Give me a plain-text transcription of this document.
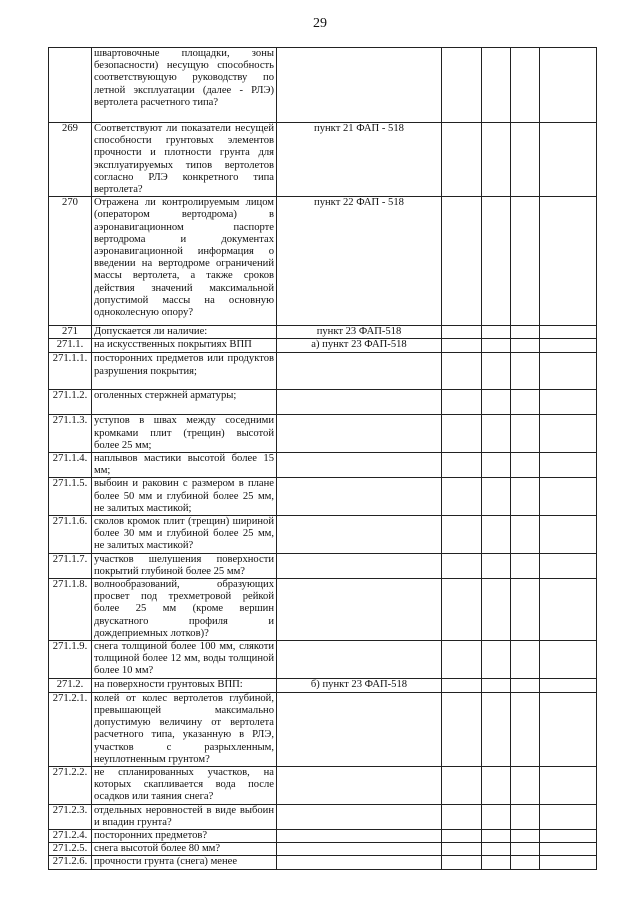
29
	швартовочные площадки, зоны безопасности) несущую способность соответствующую руководству по летной эксплуатации (далее - РЛЭ) вертолета расчетного типа?					
269	Соответствуют ли показатели несущей способности грунтовых элементов прочности и плотности грунта для эксплуатируемых типов вертолетов согласно РЛЭ конкретного типа вертолета?	пункт 21 ФАП - 518				
270	Отражена ли контролируемым лицом (оператором вертодрома) в аэронавигационном паспорте вертодрома и документах аэронавигационной информация о введении на вертодроме ограничений массы вертолета, а также сроков действия значений максимальной допустимой массы на основную одноколесную опору?	пункт 22 ФАП - 518				
271	Допускается ли наличие:	пункт 23 ФАП-518				
271.1.	на искусственных покрытиях ВПП	а) пункт 23 ФАП-518				
271.1.1.	посторонних предметов или продуктов разрушения покрытия;					
271.1.2.	оголенных стержней арматуры;					
271.1.3.	уступов в швах между соседними кромками плит (трещин) высотой более 25 мм;					
271.1.4.	наплывов мастики высотой более 15 мм;					
271.1.5.	выбоин и раковин с размером в плане более 50 мм и глубиной более 25 мм, не залитых мастикой;					
271.1.6.	сколов кромок плит (трещин) шириной более 30 мм и глубиной более 25 мм, не залитых мастикой?					
271.1.7.	участков шелушения поверхности покрытий глубиной более 25 мм?					
271.1.8.	волнообразований, образующих просвет под трехметровой рейкой более 25 мм (кроме вершин двускатного профиля и дождеприемных лотков)?					
271.1.9.	снега толщиной более 100 мм, слякоти толщиной более 12 мм, воды толщиной более 10 мм?					
271.2.	на поверхности грунтовых ВПП:	б) пункт 23 ФАП-518				
271.2.1.	колей от колес вертолетов глубиной, превышающей максимально допустимую величину от вертолета расчетного типа, указанную в РЛЭ, участков с разрыхленным, неуплотненным грунтом?					
271.2.2.	не спланированных участков, на которых скапливается вода после осадков или таяния снега?					
271.2.3.	отдельных неровностей в виде выбоин и впадин грунта?					
271.2.4.	посторонних предметов?					
271.2.5.	снега высотой более 80 мм?					
271.2.6.	прочности грунта (снега) менее					
